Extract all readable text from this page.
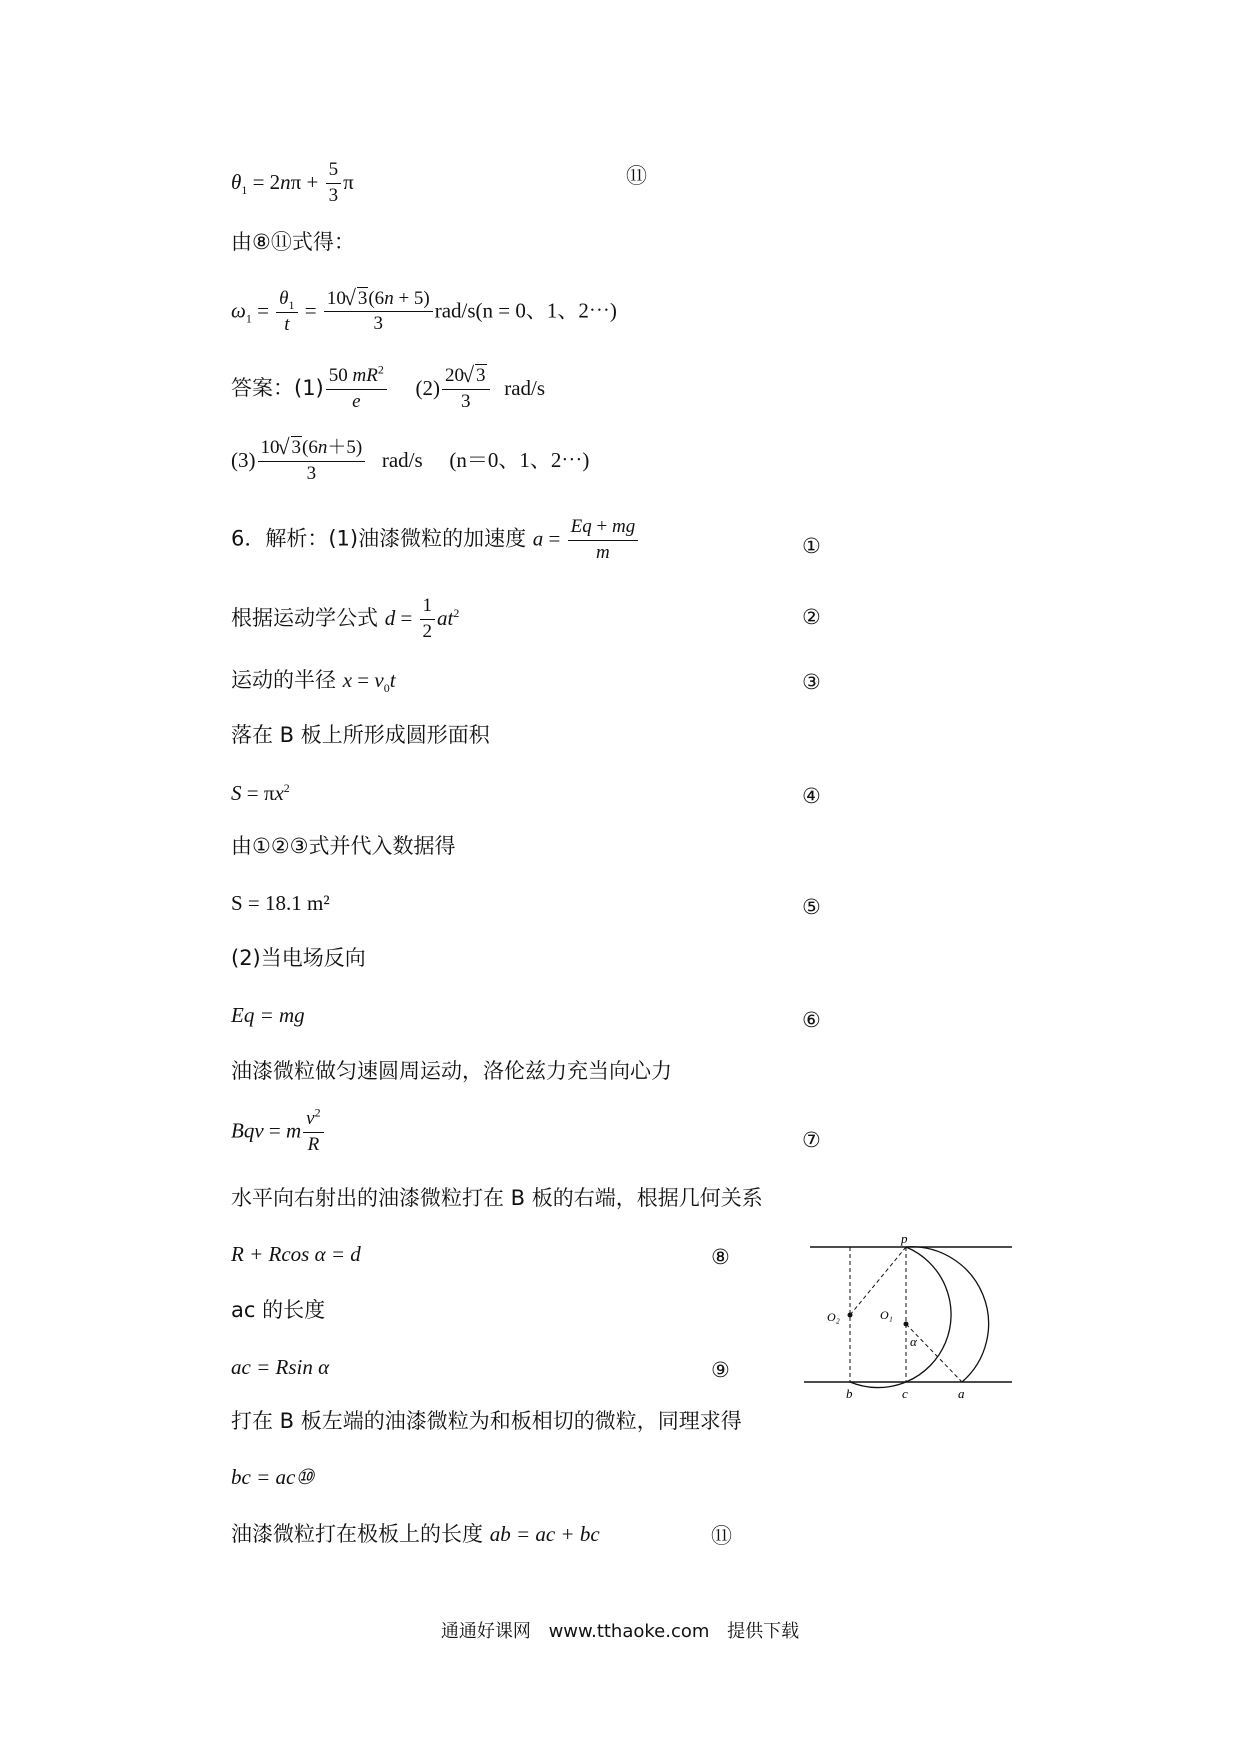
$\theta_1 = 2n\pi + \frac{5}{3}$ π	⑪
由⑧⑪式得：
$\omega_1 = \frac{\theta_1}{t} = \frac{10 √ 3(6n + 5)}{3} rad/s(n = 0$、1、2⋯)
答案：$(1) \frac{50 mR^2}{e} (2) \frac{20 √ 3}{3} rad/s$
$(3) \frac{10 √ 3(6n+5)}{3} rad/s$ (n＝0、1、2⋯)
6．解析：(1)油漆微粒的加速度 $a = \frac{Eq + mg}{m}$	①
根据运动学公式 $d = \frac{1}{2} at^2$	②
运动的半径 $x = v_0t$	③
落在 B 板上所形成圆形面积
$S = \pi x^2$	④
由①②③式并代入数据得
S = 18.1 m²	⑤
(2)当电场反向
Eq = mg	⑥
油漆微粒做匀速圆周运动，洛伦兹力充当向心力
Bqv = m $\frac{v^2}{R}$	⑦
水平向右射出的油漆微粒打在 B 板的右端，根据几何关系
R + Rcos α = d	⑧
ac 的长度
ac = Rsin α	⑨
打在 B 板左端的油漆微粒为和板相切的微粒，同理求得
bc = ac⑩
油漆微粒打在极板上的长度 ab = ac + bc	⑪
p
O₂	O₁
α
b	c	a
通通好课网 www.tthaoke.com 提供下载
